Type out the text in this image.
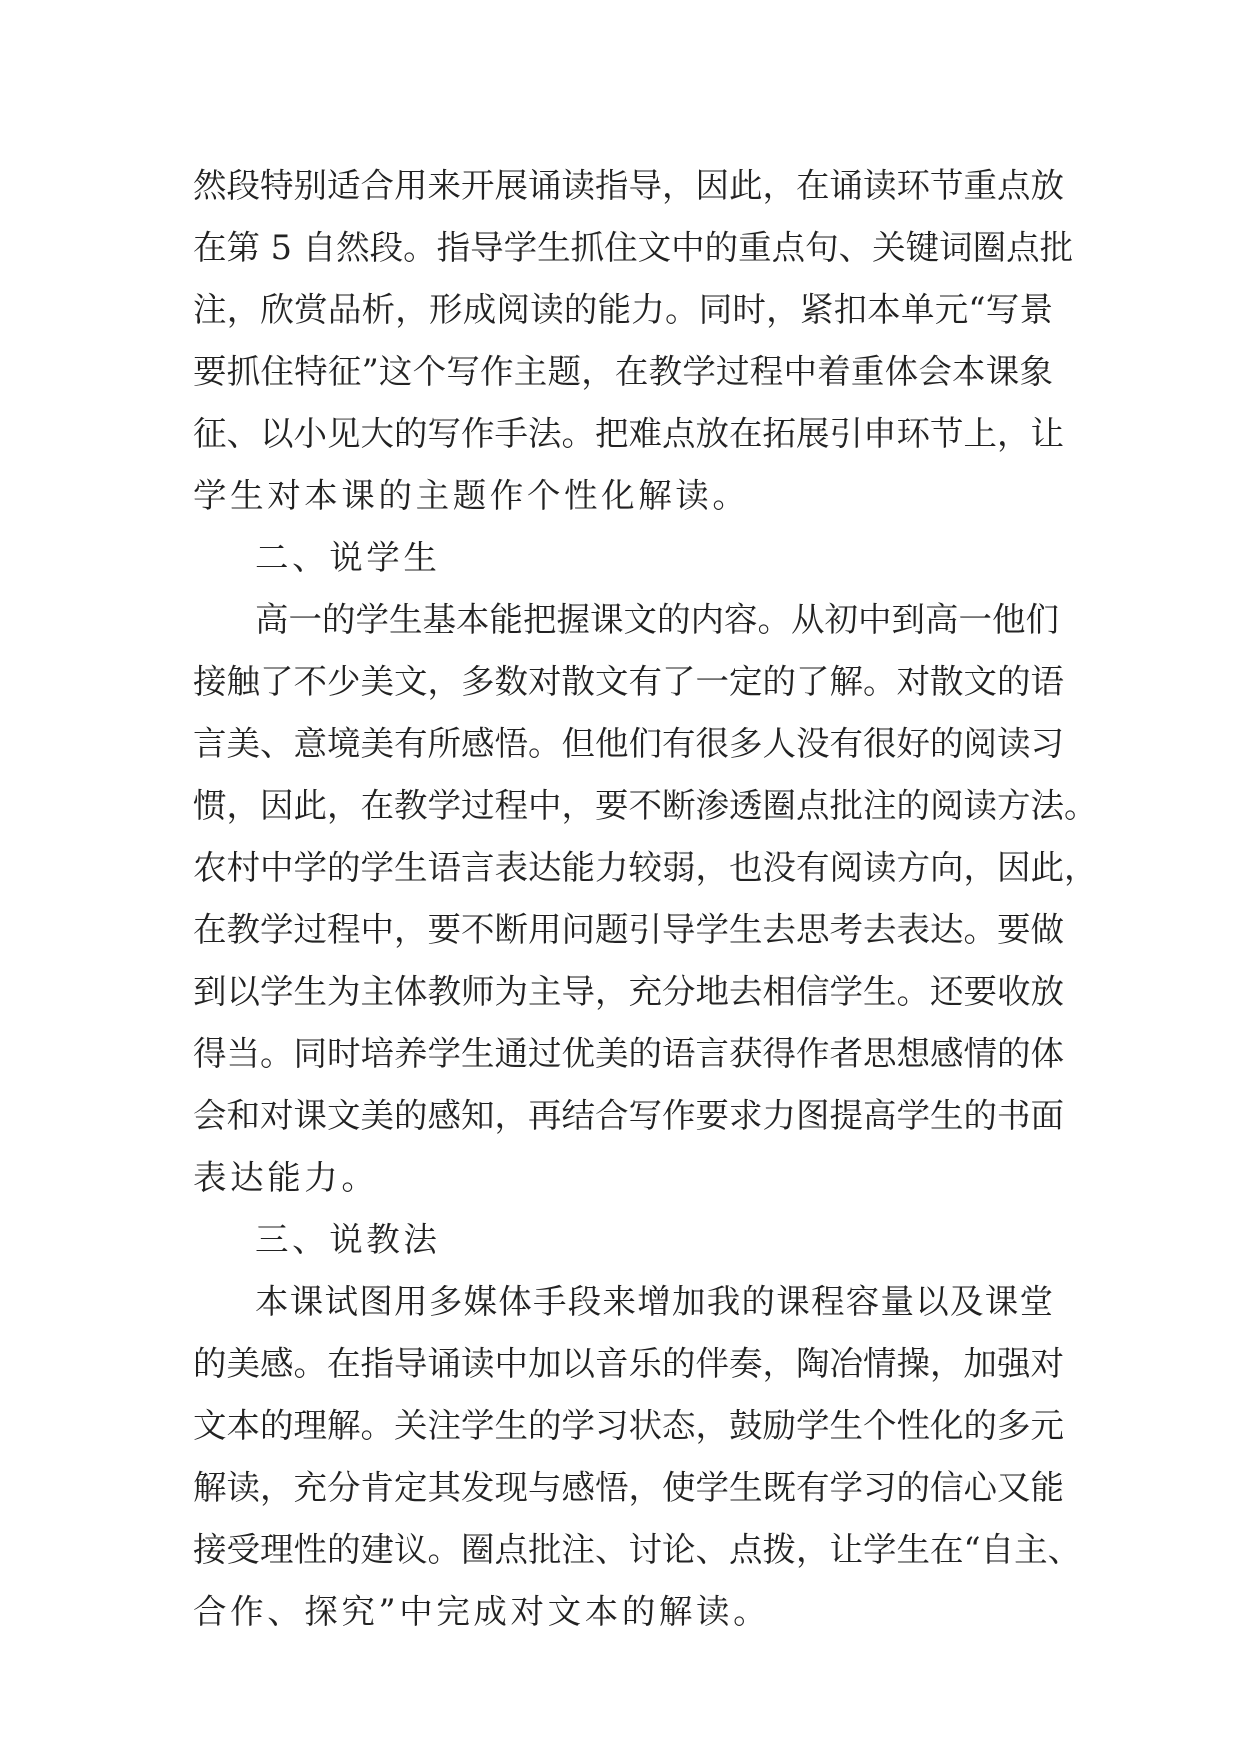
然段特别适合用来开展诵读指导，因此，在诵读环节重点放
在第 5 自然段。指导学生抓住文中的重点句、关键词圈点批
注，欣赏品析，形成阅读的能力。同时，紧扣本单元“写景
要抓住特征”这个写作主题，在教学过程中着重体会本课象
征、以小见大的写作手法。把难点放在拓展引申环节上，让
学生对本课的主题作个性化解读。
二、说学生
高一的学生基本能把握课文的内容。从初中到高一他们
接触了不少美文，多数对散文有了一定的了解。对散文的语
言美、意境美有所感悟。但他们有很多人没有很好的阅读习
惯，因此，在教学过程中，要不断渗透圈点批注的阅读方法。
农村中学的学生语言表达能力较弱，也没有阅读方向，因此，
在教学过程中，要不断用问题引导学生去思考去表达。要做
到以学生为主体教师为主导，充分地去相信学生。还要收放
得当。同时培养学生通过优美的语言获得作者思想感情的体
会和对课文美的感知，再结合写作要求力图提高学生的书面
表达能力。
三、说教法
本课试图用多媒体手段来增加我的课程容量以及课堂
的美感。在指导诵读中加以音乐的伴奏，陶冶情操，加强对
文本的理解。关注学生的学习状态，鼓励学生个性化的多元
解读，充分肯定其发现与感悟，使学生既有学习的信心又能
接受理性的建议。圈点批注、讨论、点拨，让学生在“自主、
合作、探究”中完成对文本的解读。
